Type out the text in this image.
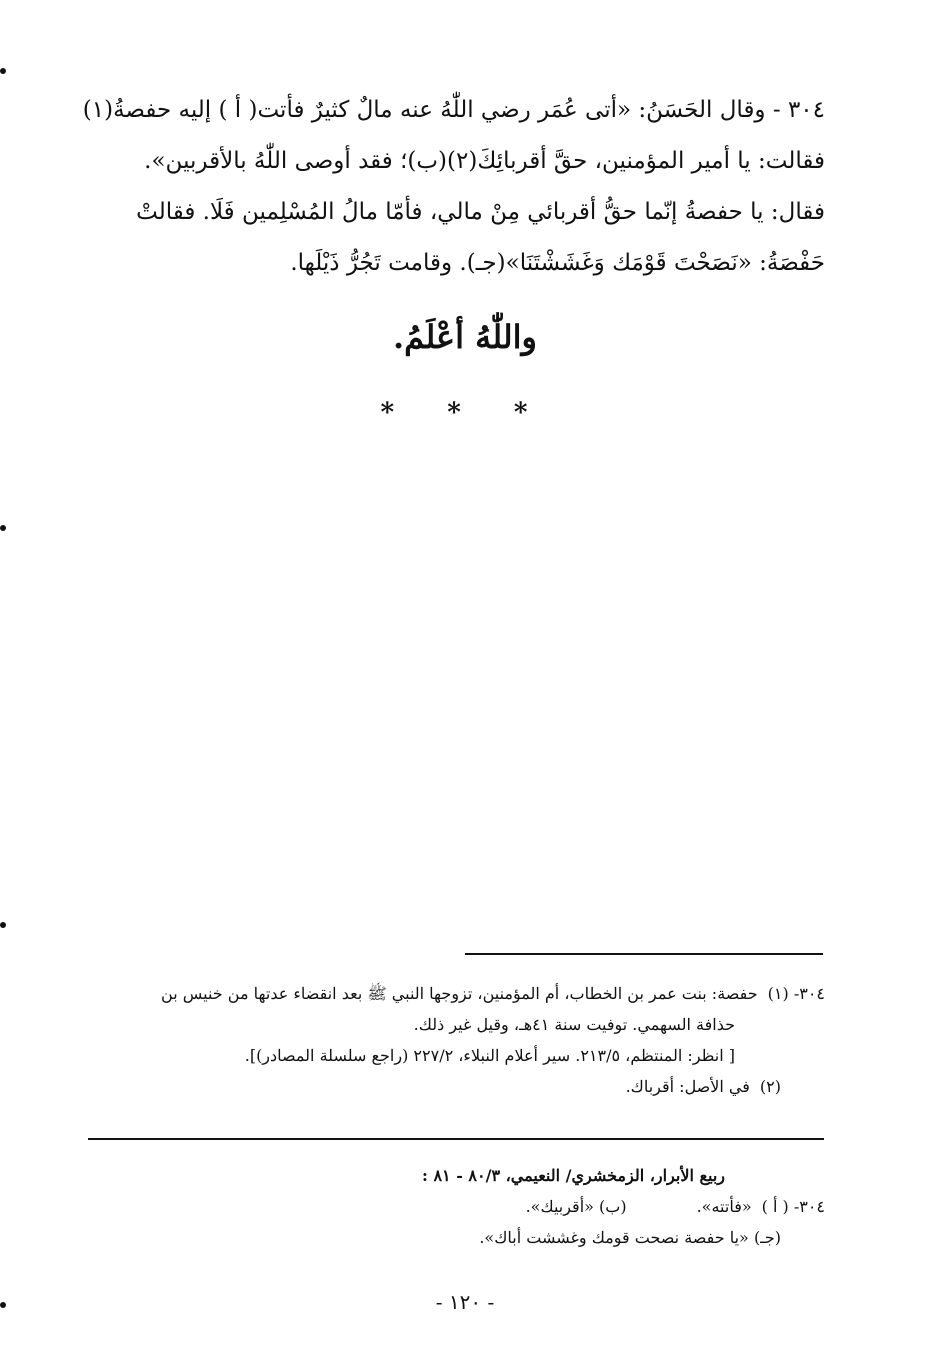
٣٠٤ - وقال الحَسَنُ: «أتى عُمَر رضي اللّٰهُ عنه مالٌ كثيرٌ فأتت( أ ) إليه حفصةُ(١)

فقالت: يا أمير المؤمنين، حقَّ أقربائِكَ(٢)(ب)؛ فقد أوصى اللّٰهُ بالأقربين».

فقال: يا حفصةُ إنّما حقُّ أقربائي مِنْ مالي، فأمّا مالُ المُسْلِمين فَلَا. فقالتْ

حَفْصَةُ: «نَصَحْتَ قَوْمَك وَغَشَشْتَنَا»(جـ). وقامت تَجُرُّ ذَيْلَها.

واللّٰهُ أعْلَمُ.
* * *
٣٠٤- (١)
حفصة: بنت عمر بن الخطاب، أم المؤمنين، تزوجها النبي ﷺ بعد انقضاء عدتها من خنيس بن
حذافة السهمي. توفيت سنة ٤١هـ، وقيل غير ذلك.
[ انظر: المنتظم، ٢١٣/٥. سير أعلام النبلاء، ٢٢٧/٢ (راجع سلسلة المصادر)].
(٢)
في الأصل: أقرباك.
ربيع الأبرار، الزمخشري/ النعيمي، ٨٠/٣ - ٨١ :
٣٠٤- ( أ )
«فأتته».
(ب) «أقربيك».
(جـ) «يا حفصة نصحت قومك وغششت أباك».
- ١٢٠ -
